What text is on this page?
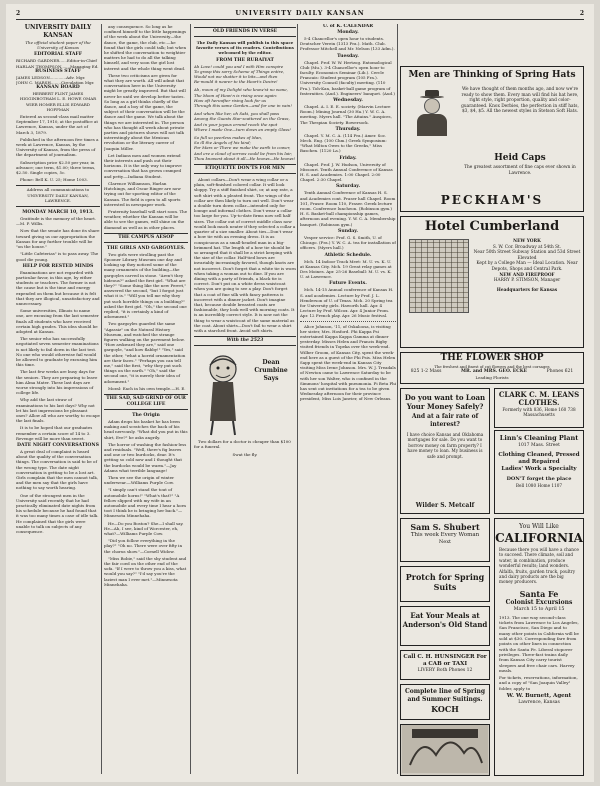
2	UNIVERSITY DAILY KANSAN	2
UNIVERSITY DAILY KANSAN

The official student paper of the University of Kansas

EDITORIAL STAFF
RICHARD GARDNER......Editor-in-Chief
HARLAN THOMPSON.......Managing Ed.
BUSINESS STAFF
JAMES LEDSON.............Adv. Mgr.
JOHN C. MARSH........Circulation Mgr.
KANSAN BOARD

HERBERT FLINT JAMES HIGGINBOTHAM L. E. HOWE OMAR WIER HOMER ELLIS EDWARD HOFFMAN

Entered as second-class mail matter September 17, 1910, at the postoffice at Lawrence, Kansas, under the act of March 3, 1879.

Published in the afternoon five times a week at Lawrence, Kansas, by the University of Kansas, from the press of the department of journalism.

Subscription price $2.50 per year, in advance; one term, $1.00; three terms, $2.50. Single copies, 5c.

Phone: Bell K. U. 25; Home 1003.

Address all communications to UNIVERSITY DAILY KANSAN, LAWRENCE.

MONDAY MARCH 10, 1913.

Gratitude is the memory of the heart.—M. P. Willis.

Now that the senate has done its share toward giving us our appropriation the Kansas for any further trouble will be "on the house."

"Little Cafeterias" is to pass away. The good die young.

HELP FOR RESTED MINDS

Examinations are not regarded with particular favor, in this age, by either students or teachers. The former is not the cause but is the time and energy expended on them but because it is felt that they are illogical, unsatisfactory and unnecessary.

Some universities, Illinois to name one, are excusing from the last semester finals all students who have received certain high grades. This idea should be adopted at Kansas.

The senior who has successfully negotiated seven semester examinations is not likely to fail down in the last test. No one who would otherwise fail would be allowed to graduate by excusing him this time.

The last few weeks are busy days for the seniors. They are preparing to leave him Alma Mater. These last days are worse strongly into his impressions of college life.

Why add the last straw of examinations to his last days? Why not let his last impressions be pleasant ones? Allow all who are worthy to escape the last finals.

It is to be hoped that our graduates remember a certain score of 14 to 3. Revenge will be more than sweet.

DATE NIGHT CONVERSATIONS

A great deal of complaint is heard about the quality of the conversation things. The conversation is said to be of the wrong type. The date night conversation is getting to be a lost art. Girls complain that the men cannot talk, and the men say that the girls have nothing to say worth hearing.

One of the strongest men in the University said recently that he had practically eliminated date nights from his schedule because he had found that it was too many times a case of idle talk. He complained that the girls were unable to talk on subjects of any consequence.

any consequence. So long as he confined himself to the little happenings of the week about the University—the dance, the game, the club, etc.—he found that the girls could talk; but when he shifted the conversation to weightier matters he had to do all the talking himself, and very soon the girl lost interest and the whole thing went dead.

These two criticisms are given for what they are worth. All will admit that conversation here in the University might be greatly improved. But that will never be until we develop better tastes. So long as a girl thinks chiefly of the dance, and a boy of the game, the subject of their conversation will be the dance and the game. We talk about the things we are interested in. The person who has thought all week about private parties and pictures shows will not talk interestingly about the Mexican revolution or the literary career of Joaquin Miller.

Let Indians men and women extend their interests and push out their horizons. It is the only way to improve conversation that has grown cramped and petty.—Indiana Student.

Clarence Williamson, Harlan Hutchings, and Oscar Ringer are now trying out for sporting editor of the Kansan. The field is open to all sports interested in newspaper work.

Fraternity baseball will start soon. The weather, whether the Kansan will be able to see the games, will shine on the diamond as well as in other places.

THE CAMPUS AESOP
THE GIRLS AND GARGOYLES.

Two girls were strolling past the Spooner Library Museum one day and looking up they noticed some of the many ornaments of the building—the gargoyles carved in stone. "Aren't they hideous?" asked the first girl. "What are they?" "Some thing like the new Ferret," answered the second, "but I forgot just what it is." "Will you tell me why they put such horrible things on a building?" asked the first girl. "Oh," the second one replied, "it is certainly a kind of adornment."

Two gargoyles guarded the same "Agassiz" on the Natural History Museum, and watched the strange figures walking on the pavement below. "How awkward they are," said one gargoyle, "and how flabby!" "Yes," said the other, "what a horrid ornamentation are their faces." "Perhaps you can tell me," said the first, "why they put such things on the earth." "Oh," said the second one, "it is merely their idea of adornment."

Moral: Each in his own temple.—H. E.

THE SAD, SAD GRIND OF OUR COLLEGE LIFE
The Origin

Adam drops his basket he has been making and scratches the back of his head nervously. "What did you put in this shirt, Eve?" he asks angrily.

The horror of washing the fashion-less and residuals. "Well, there's fig leaves and one or two burdocks, dear. It's getting so cold now and I thought that the burdocks would be warm."—Jay Adams what terrible language!

Then we see the origin of winter underwear.—Williams Purple Cow.

"I simply can't stand the tout of automobile horns!" "What's that?" "A fellow slipped with my wife in an automobile and every time I hear a horn toot I think he is bringing her back."—Minnesota Minnehaha.

He—Do you Boston? She—I shall say. He—Ah, I see, kind of Worcester, eh, what?—Williams Purple Cow.

"Did you follow everything in the play?" "Oh no. There were over fifty in the chorus show."—Cornell Widow.

"Miss Bobie," said the shy student and the fair coed on the other end of the sofa. "If I were to throw you a kiss, what would you say?" "I'd say you're the laziest man I ever met."—Minnesota Minnehaha.

OLD FRIENDS IN VERSE

The Daily Kansan will publish in this space favorite verses of its readers. Contributions welcomed by the editor.

FROM THE RUBAIYAT
Ah Love! could you and I with Him conspire
To grasp this sorry Scheme of Things entire,
Would not we shatter it to bits—and then
Re-mould it nearer to the Heart's Desire!
Ah, moon of my Delight who know'st no wane,
The Moon of Heav'n is rising once again:
How oft hereafter rising look for us
Through this same Garden—and for one in vain!
And when like her, oh Saki, you shall pass
Among the Guests Star-scattered on the Grass,
And in your joyous errand reach the spot
Where I made One—turn down an empty Glass!
So full so peerless makes of Man,
So ill the Angels of his kind;
For Mars or There we make the earth to cower,
And ere a cloud of sorrow could be from his lair,
Thou knowest about it all—He knows—He knows!
ETIQUETTE DON'TS FOR MEN

About collars—Don't wear a wing collar or a plain, soft-finished colored collar. It will look sloppy. Try a stiff finished shirt, or, at any rate, a soft shirt with a pleated front. The wings of the collar are then likely to turn out well. Don't wear a double turn down collar—intended only for lounge and informal clothes. Don't wear a collar too large for you. Up-to-date firms now sell half sizes. The collar out of correct middle class now would look much neater if they selected a collar a quarter of a size smaller. About ties—Don't wear a bow tie with an evening dress. It is as conspicuous as a small-headed man in a big-brimmed hat. The length of a bow tie should be so arranged that it shall be a strict keeping with the size of the collar. Half-tied bows are invariably increasingly favored, though knots are not incorrect. Don't forget that a white tie is worn when taking a woman out to dine. If you are dining with a party of friends, a black tie is correct. Don't put on a white dress waistcoat when you are going to see a play. Don't forget that a coat of fine silk with fancy patterns is incorrect with a dinner jacket. Don't imagine that, because double breasted coats are fashionable, they look well with morning coats. It is an incredibly correct style. It is now not the thing to wear a waistcoat of the same material as the coat. About shirts—Don't fail to wear a shirt with a starched front. Avoid soft shirts.

With the 2523
Dean Crumbine Says

Two dollars for a doctor is cheaper than $100 for a funeral.

Swat the fly.

U. of K. CALENDAR
Monday.

5-4 Chancellor's open hour to students. Deutscher Verein (1313 Fra.). Math. Club. Professor Mitchell and Mr. Nelson (133 Adm.).

Tuesday.

Chapel. Prof. W. W. Hertzog. Entomological Club (Mu.). 3-4 Chancellor's open hour to faculty. Economics Seminar (Lib.). Cercle Francais: Student program (105 Fra.). University Council (faculty) meeting. (110 Fra.). Toh-Kan, basket-ball game program of fraternities. (Aud.). Engineers' banquet. (Aud.)

Wednesday.

Chapel. A. I. E. E. society. (Marvin Lecture Room.) Mining Journal (30 Ha.) Y. W. C. A. meeting. Myers hall. "The Attains." Auspices, The Thespian Society. Bowersock.

Thursday.

Chapel. Y. M. C. A. (114 Fra.) Amer. Soc. Mech. Eng. (100 Chm.) Greek Symposium: "What Milton Owes to the Greeks," Miss Baschen. (1120 La.)

Friday.

Chapel. Prof. J. W. Hudson, University of Missouri. Tenth Annual Conference of Kansas H. S. and Academies. 1:00 Chapel. 2:00 Chapel. 2:30 Chapel.

Saturday.

Tenth Annual Conference of Kansas H. S. and Academies cont. Fraser hall Chapel. Room 101, Fraser. Room 110, Fraser. Greek lecture room. Conference luncheon. (Robinson gym.) H. S. Basket-ball championship games, afternoon and evening. Y. W. C. A. Membership banquet. (Robinson gym.)

Sunday.

Vesper service: Prof. G. S. Smith, U. of Chicago. (Fra.) Y. W. C. A. tea for installation of officers. (Myers hall.)

Athletic Schedule.

Mch. 14 Indoor Track Meet: M. U. vs. K. U. at Kansas City. Mch. 19 Great relay games at Des Moines. Apr. 25-26 Baseball: M. U. vs. K. U. at Lawrence.

Future Events.

Mch. 14-15 Annual conference of Kansas H. S. and academies. Lecture by Prof. J. L. Henderson of U. of Texas. Mch. 20 Spring tea for University girls. Haworth hall. Apr. 4 Lecture by Prof. Wilcox. Apr. 4 Junior Prom. Apr. 12 French play. Apr. 26 Music festival.

Alice Johnson, '11, of Oskaloosa, is visiting her sister, Mrs. Hosford. Phi Kappa Psi entertained Kappa Kappa Gamma at dinner yesterday. Misses Helen and Francis Bigby visited friends in Topeka over the week-end. Wilber Groom, of Kansas City, spent the week-end here as a guest of the Phi Psis. Miss Helen Sapp spent the week-end in Kansas City visiting Miss Irene Johnson. Mrs. W. J. Treadals of Newton came to Lawrence Saturday to be with her son Walter, who is confined in the Simmons' hospital with pneumonia. Pi Beta Phi has sent out invitations for a tea to be given Wednesday afternoon for their province president, Miss Lois Janvier, of New Orleans.

Men are Thinking of Spring Hats
We have thought of them months ago, and now we're ready to show them. Every man will find his hat here, right style, right proportion, quality and color-guaranteed. Knox Derbies, the perfection in stiff hats, $3, $4, $5. All the newest styles in Stetson Soft Hats.
Heid Caps
The greatest assortment of fine caps ever shown in Lawrence.
PECKHAM'S
Hotel Cumberland
NEW YORK
S. W. Cor. Broadway at 54th St.
Near 50th Street Subway Station and 53d Street Elevated
Kept by a College Man — Ideal Location. Near Depots, Shops and Central Park.
NEW AND FIREPROOF
HARRY P. STIMSON, Manager
Headquarters for Kansas
THE FLOWER SHOP
The freshest and finest of cut flowers and the best corsages
825 1-2 Mass	MR. and MRS. GEO. ECKE	Phones 621
Leading Florists
Do you want to Loan Your Money Safely?
And at a fair rate of interest?
I have choice Kansas and Oklahoma mortgages for sale. Do you want to borrow money on farm property? I have money to loan. My business is safe and prompt.
Wilder S. Metcalf
CLARK C. M. LEANS CLOTHES.
Formerly with 836, Home 160 738 Massachusetts
Linn's Cleaning Plant
1017 Mass. Street
Clothing Cleaned, Pressed and Repaired
Ladies' Work a Specialty
DON'T forget the place
Bell 1080 Home 1107
Sam S. Shubert
This week Every Woman
Next
Protch for Spring Suits
Eat Your Meals at Anderson's Old Stand
Call C. H. HUNSINGER For a CAB or TAXI
LIVERY Both Phones 12
Complete line of Spring and Summer Suitings.
KOCH
You Will Like
CALIFORNIA
Because there you will have a chance to succeed. There climate, soil and water, in combination, produce wonderful results; land wonders. Alfalfa, fruits, garden truck, poultry and dairy products are the big money producers.
Santa Fe
Colonist Excursions
March 15 to April 15
1913. The one way second-class tickets from Lawrence to Los Angeles, San Francisco, San Diego and to many other points in California will be sold at $30. Corresponding fare from points on other lines in connection with the Santa Fe. Liberal stopover privileges. Three-fast trains daily from Kansas City carry tourist sleepers and free chair cars. Harvey meals.
For tickets, reservations, information, and a copy of "San Joaquin Valley" folder, apply to
W. W. Burnett, Agent
Lawrence, Kansas
